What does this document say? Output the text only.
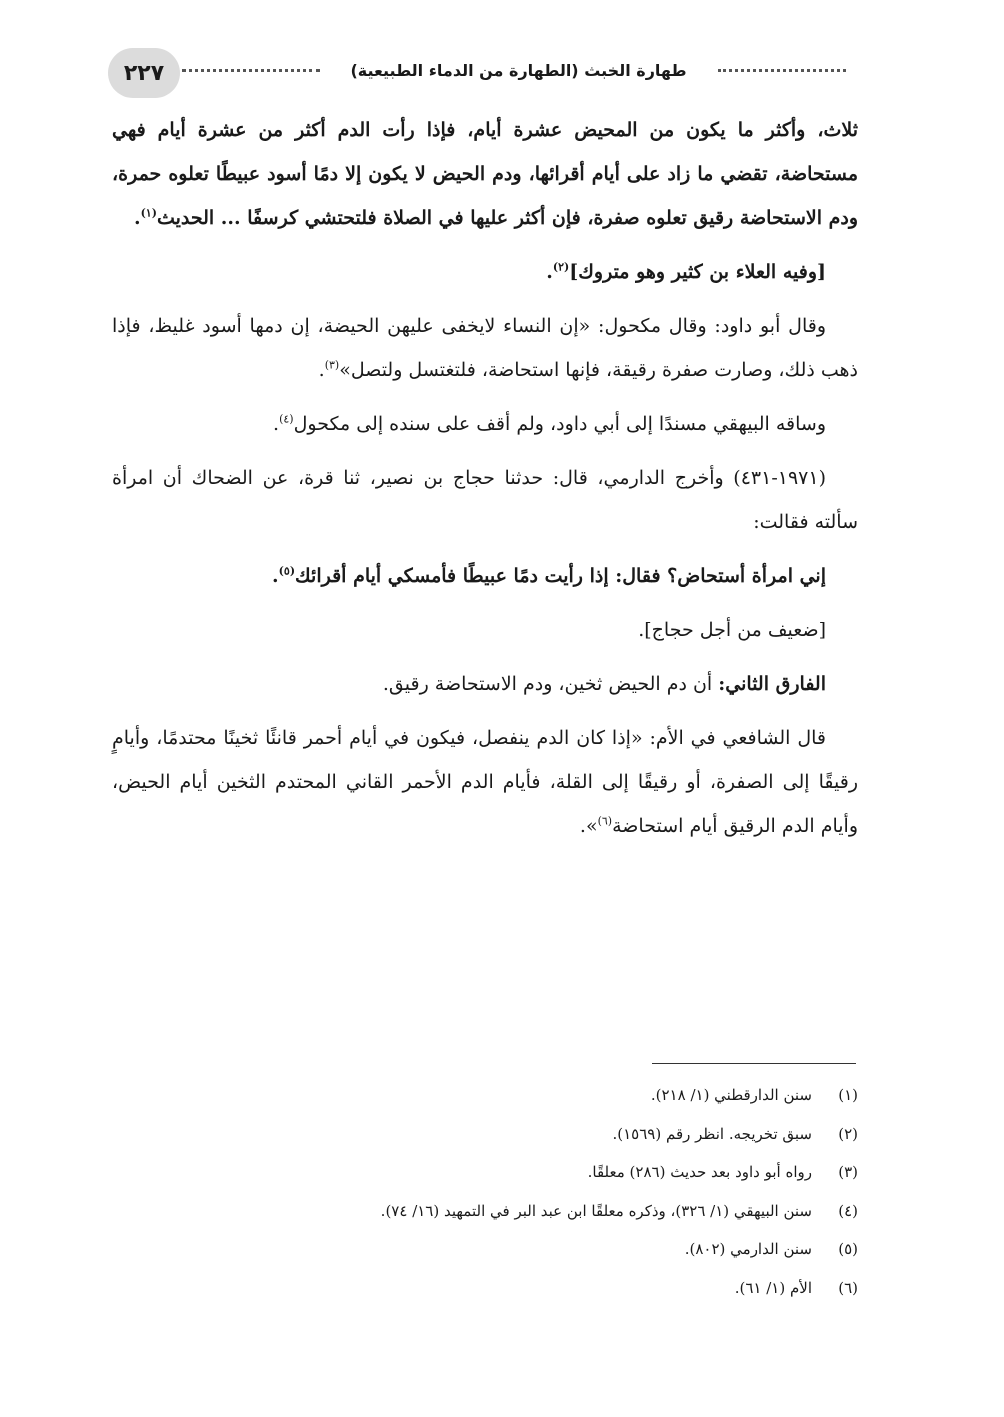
٢٢٧	طهارة الخبث (الطهارة من الدماء الطبيعية)

ثلاث، وأكثر ما يكون من المحيض عشرة أيام، فإذا رأت الدم أكثر من عشرة أيام فهي مستحاضة، تقضي ما زاد على أيام أقرائها، ودم الحيض لا يكون إلا دمًا أسود عبيطًا تعلوه حمرة، ودم الاستحاضة رقيق تعلوه صفرة، فإن أكثر عليها في الصلاة فلتحتشي كرسفًا ... الحديث$^{(١)}$.

[وفيه العلاء بن كثير وهو متروك]$^{(٢)}$.

وقال أبو داود: وقال مكحول: «إن النساء لايخفى عليهن الحيضة، إن دمها أسود غليظ، فإذا ذهب ذلك، وصارت صفرة رقيقة، فإنها استحاضة، فلتغتسل ولتصل»$^{(٣)}$.

وساقه البيهقي مسندًا إلى أبي داود، ولم أقف على سنده إلى مكحول$^{(٤)}$.

(١٩٧١-٤٣١) وأخرج الدارمي، قال: حدثنا حجاج بن نصير، ثنا قرة، عن الضحاك أن امرأة سألته فقالت:

إني امرأة أستحاض؟ فقال: إذا رأيت دمًا عبيطًا فأمسكي أيام أقرائك$^{(٥)}$.

[ضعيف من أجل حجاج].

الفارق الثاني: أن دم الحيض ثخين، ودم الاستحاضة رقيق.

قال الشافعي في الأم: «إذا كان الدم ينفصل، فيكون في أيام أحمر قانئًا ثخينًا محتدمًا، وأيامٍ رقيقًا إلى الصفرة، أو رقيقًا إلى القلة، فأيام الدم الأحمر القاني المحتدم الثخين أيام الحيض، وأيام الدم الرقيق أيام استحاضة$^{(٦)}$».

(١)
سنن الدارقطني (١/ ٢١٨).
(٢)
سبق تخريجه. انظر رقم (١٥٦٩).
(٣)
رواه أبو داود بعد حديث (٢٨٦) معلقًا.
(٤)
سنن البيهقي (١/ ٣٢٦)، وذكره معلقًا ابن عبد البر في التمهيد (١٦/ ٧٤).
(٥)
سنن الدارمي (٨٠٢).
(٦)
الأم (١/ ٦١).
